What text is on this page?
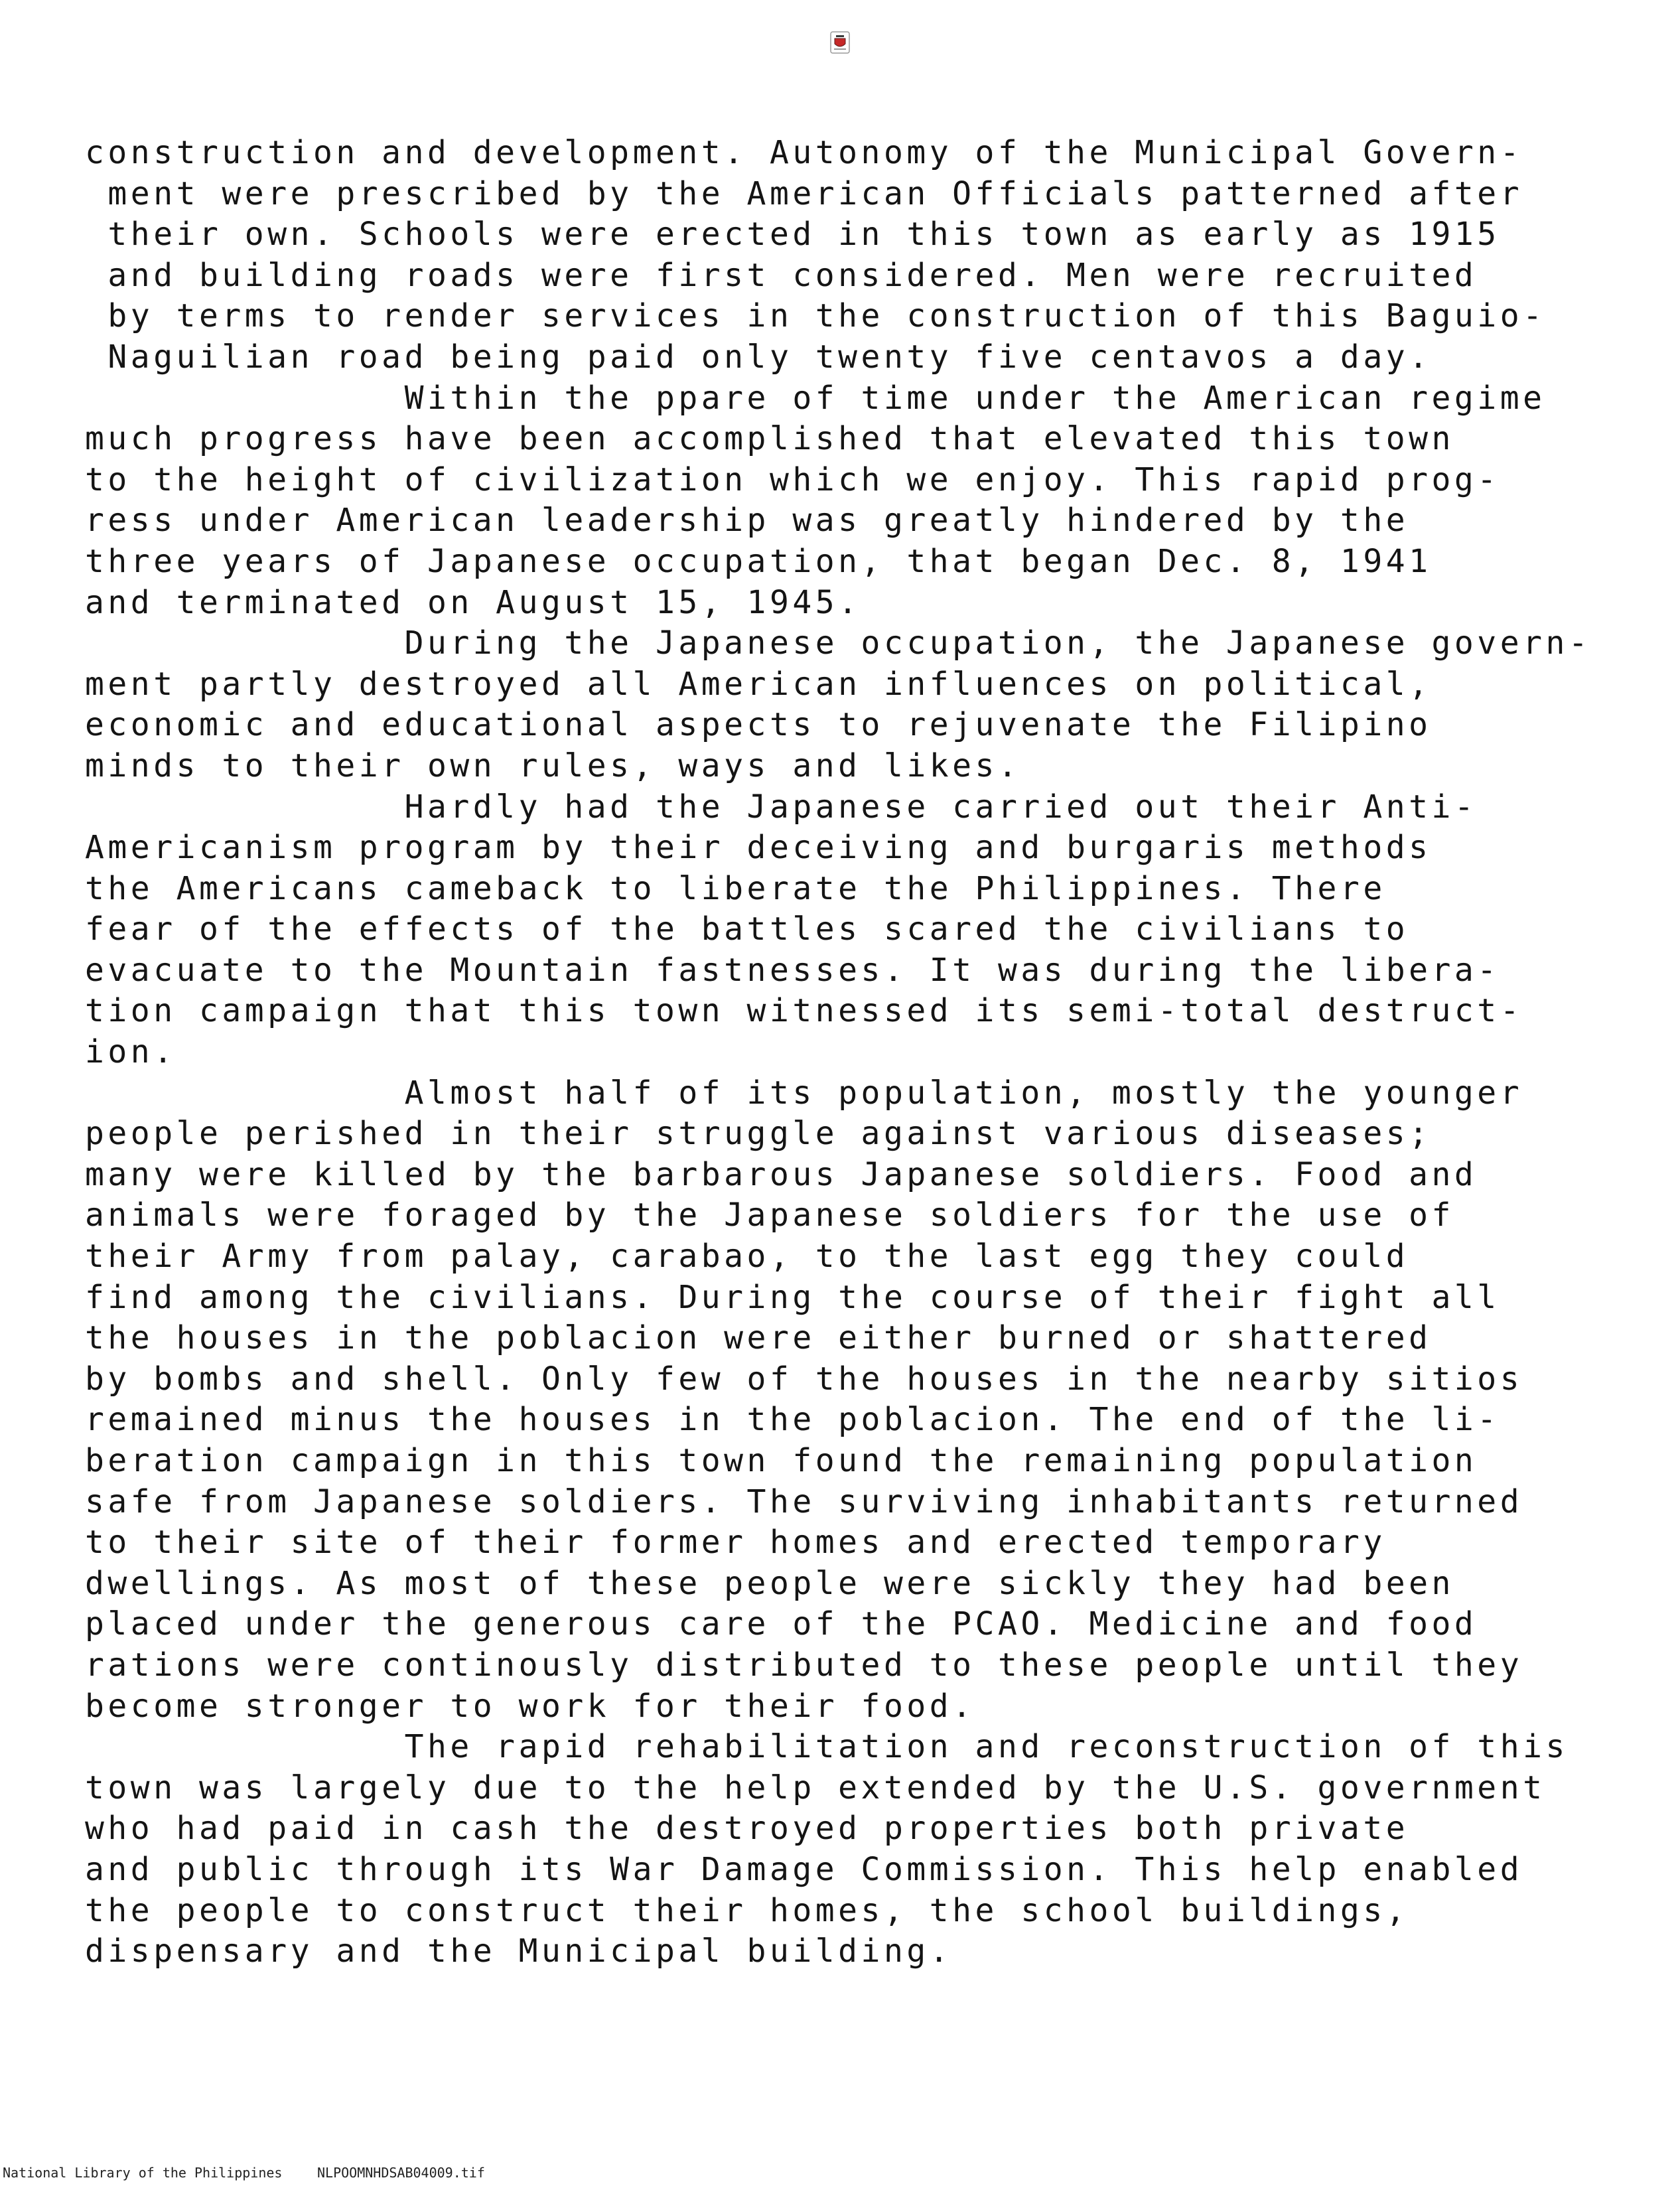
construction and development. Autonomy of the Municipal Govern-
ment were prescribed by the American Officials patterned after
their own. Schools were erected in this town as early as 1915
and building roads were first considered. Men were recruited
by terms to render services in the construction of this Baguio-
Naguilian road being paid only twenty five centavos a day.
Within the ppare of time under the American regime
much progress have been accomplished that elevated this town
to the height of civilization which we enjoy. This rapid prog-
ress under American leadership was greatly hindered by the
three years of Japanese occupation, that began Dec. 8, 1941
and terminated on August 15, 1945.
During the Japanese occupation, the Japanese govern-
ment partly destroyed all American influences on political,
economic and educational aspects to rejuvenate the Filipino
minds to their own rules, ways and likes.
Hardly had the Japanese carried out their Anti-
Americanism program by their deceiving and burgaris methods
the Americans cameback to liberate the Philippines. There
fear of the effects of the battles scared the civilians to
evacuate to the Mountain fastnesses. It was during the libera-
tion campaign that this town witnessed its semi-total destruct-
ion.
Almost half of its population, mostly the younger
people perished in their struggle against various diseases;
many were killed by the barbarous Japanese soldiers. Food and
animals were foraged by the Japanese soldiers for the use of
their Army from palay, carabao, to the last egg they could
find among the civilians. During the course of their fight all
the houses in the poblacion were either burned or shattered
by bombs and shell. Only few of the houses in the nearby sitios
remained minus the houses in the poblacion. The end of the li-
beration campaign in this town found the remaining population
safe from Japanese soldiers. The surviving inhabitants returned
to their site of their former homes and erected temporary
dwellings. As most of these people were sickly they had been
placed under the generous care of the PCAO. Medicine and food
rations were continously distributed to these people until they
become stronger to work for their food.
The rapid rehabilitation and reconstruction of this
town was largely due to the help extended by the U.S. government
who had paid in cash the destroyed properties both private
and public through its War Damage Commission. This help enabled
the people to construct their homes, the school buildings,
dispensary and the Municipal building.
National Library of the Philippines	NLPOOMNHDSAB04009.tif
